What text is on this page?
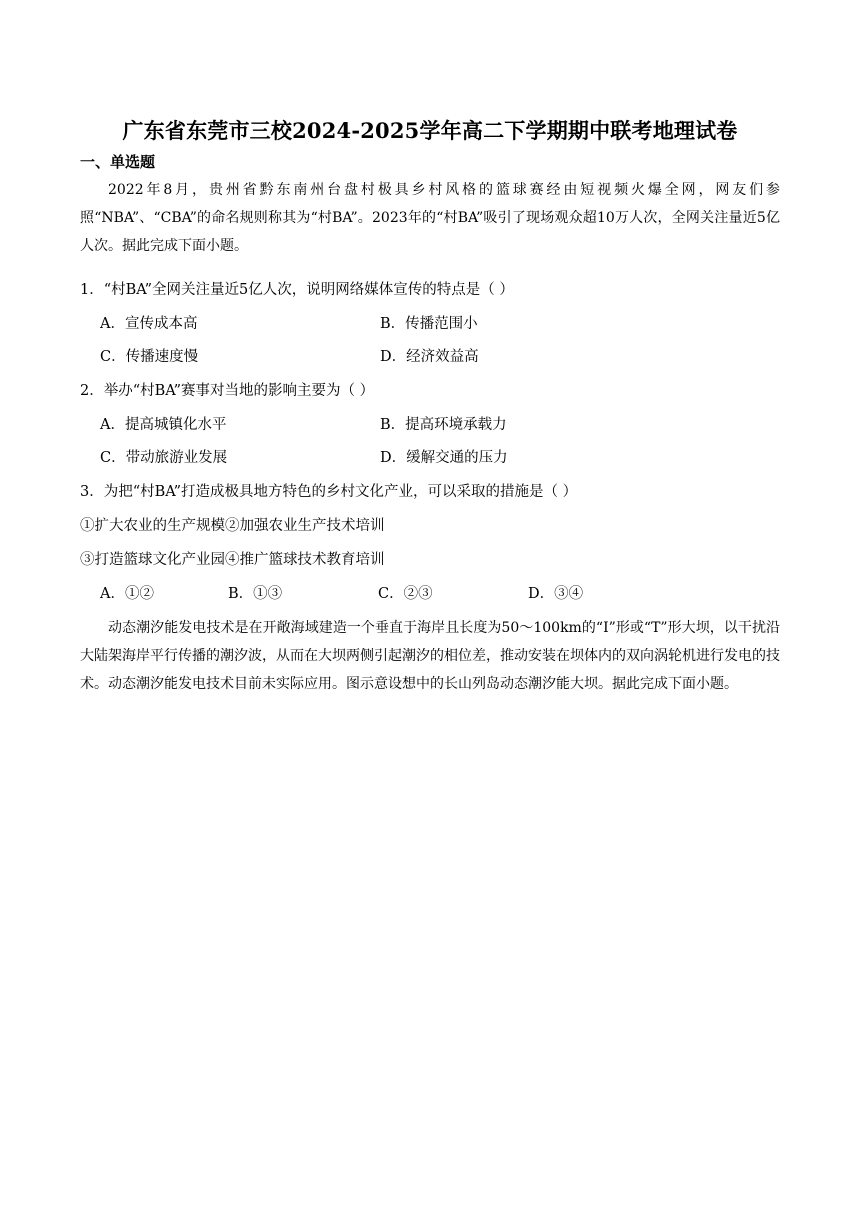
广东省东莞市三校2024-2025学年高二下学期期中联考地理试卷
一、单选题
2022年8月，贵州省黔东南州台盘村极具乡村风格的篮球赛经由短视频火爆全网，网友们参照“NBA”、“CBA”的命名规则称其为“村BA”。2023年的“村BA”吸引了现场观众超10万人次，全网关注量近5亿人次。据此完成下面小题。
1．“村BA”全网关注量近5亿人次，说明网络媒体宣传的特点是（ ）
A．宣传成本高	B．传播范围小
C．传播速度慢	D．经济效益高
2．举办“村BA”赛事对当地的影响主要为（ ）
A．提高城镇化水平	B．提高环境承载力
C．带动旅游业发展	D．缓解交通的压力
3．为把“村BA”打造成极具地方特色的乡村文化产业，可以采取的措施是（ ）
①扩大农业的生产规模②加强农业生产技术培训
③打造篮球文化产业园④推广篮球技术教育培训
A．①②	B．①③	C．②③	D．③④
动态潮汐能发电技术是在开敞海域建造一个垂直于海岸且长度为50～100km的“I”形或“T”形大坝，以干扰沿大陆架海岸平行传播的潮汐波，从而在大坝两侧引起潮汐的相位差，推动安装在坝体内的双向涡轮机进行发电的技术。动态潮汐能发电技术目前未实际应用。图示意设想中的长山列岛动态潮汐能大坝。据此完成下面小题。
